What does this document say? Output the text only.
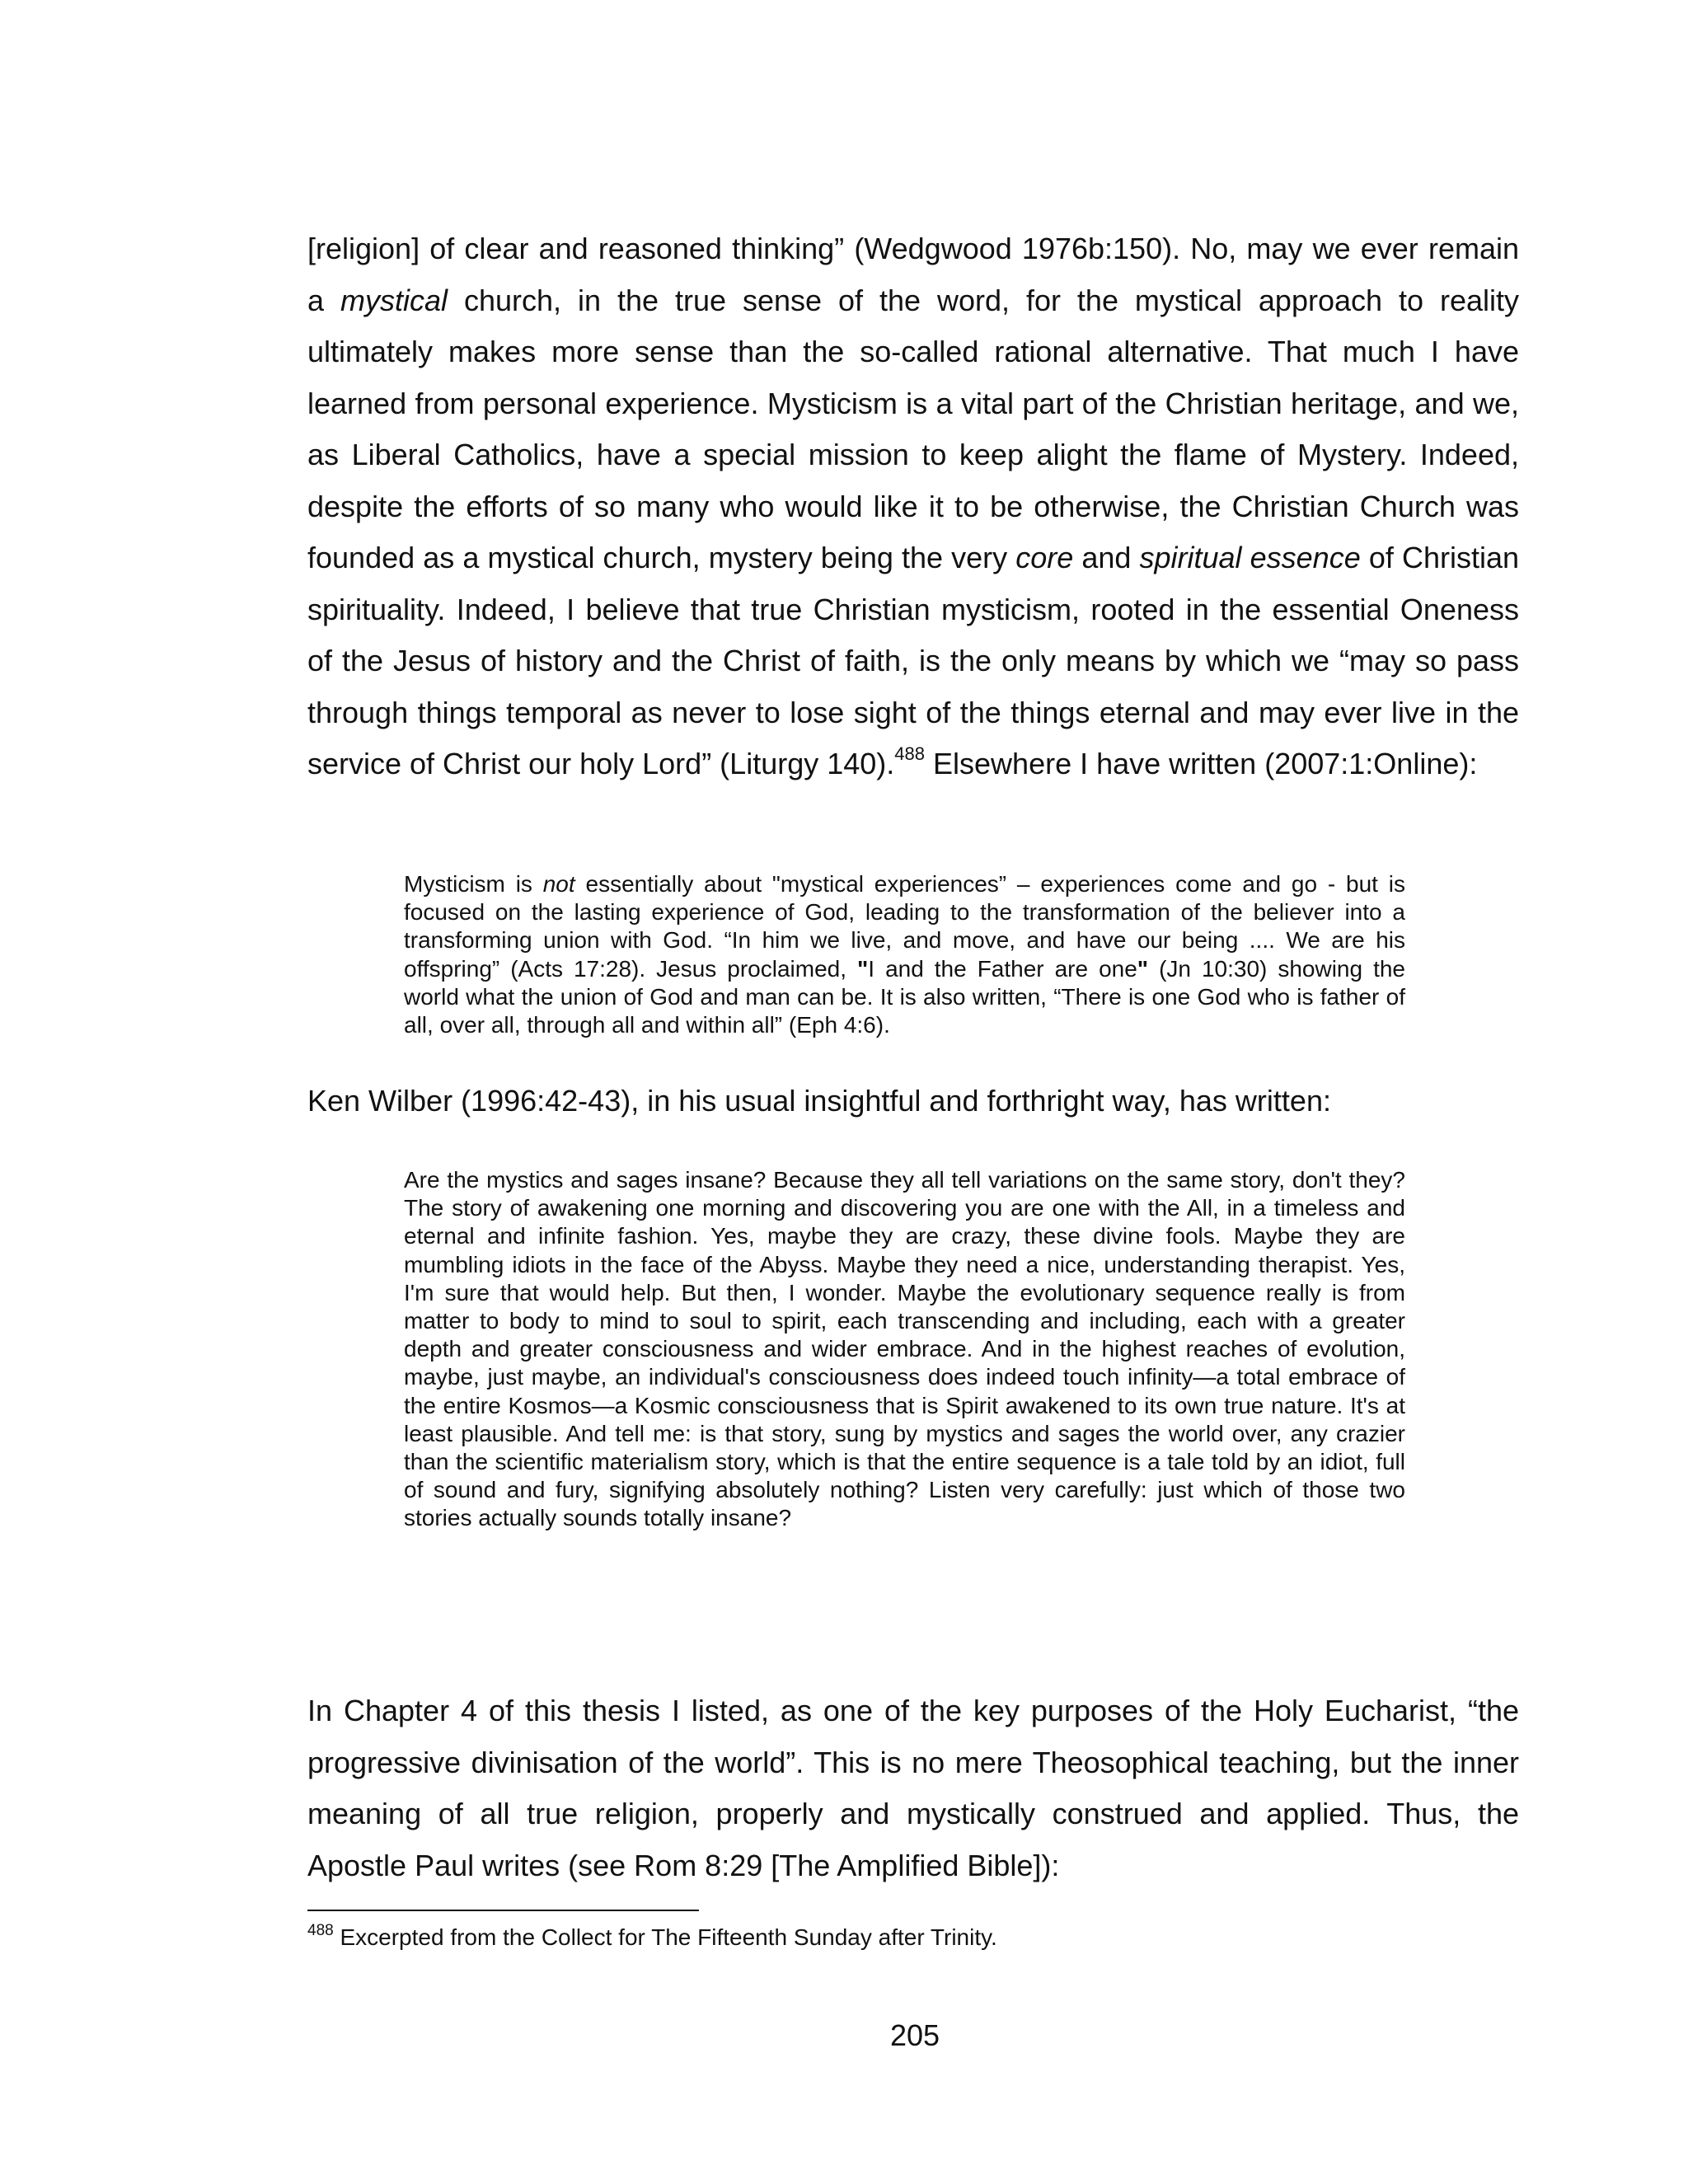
[religion] of clear and reasoned thinking” (Wedgwood 1976b:150). No, may we ever remain a mystical church, in the true sense of the word, for the mystical approach to reality ultimately makes more sense than the so-called rational alternative. That much I have learned from personal experience. Mysticism is a vital part of the Christian heritage, and we, as Liberal Catholics, have a special mission to keep alight the flame of Mystery. Indeed, despite the efforts of so many who would like it to be otherwise, the Christian Church was founded as a mystical church, mystery being the very core and spiritual essence of Christian spirituality. Indeed, I believe that true Christian mysticism, rooted in the essential Oneness of the Jesus of history and the Christ of faith, is the only means by which we “may so pass through things temporal as never to lose sight of the things eternal and may ever live in the service of Christ our holy Lord” (Liturgy 140).$^{488}$ Elsewhere I have written (2007:1:Online):

Mysticism is not essentially about "mystical experiences” – experiences come and go - but is focused on the lasting experience of God, leading to the transformation of the believer into a transforming union with God. “In him we live, and move, and have our being .... We are his offspring” (Acts 17:28). Jesus proclaimed, "I and the Father are one" (Jn 10:30) showing the world what the union of God and man can be. It is also written, “There is one God who is father of all, over all, through all and within all” (Eph 4:6).

Ken Wilber (1996:42-43), in his usual insightful and forthright way, has written:

Are the mystics and sages insane? Because they all tell variations on the same story, don't they? The story of awakening one morning and discovering you are one with the All, in a timeless and eternal and infinite fashion. Yes, maybe they are crazy, these divine fools. Maybe they are mumbling idiots in the face of the Abyss. Maybe they need a nice, understanding therapist. Yes, I'm sure that would help. But then, I wonder. Maybe the evolutionary sequence really is from matter to body to mind to soul to spirit, each transcending and including, each with a greater depth and greater consciousness and wider embrace. And in the highest reaches of evolution, maybe, just maybe, an individual's consciousness does indeed touch infinity—a total embrace of the entire Kosmos—a Kosmic consciousness that is Spirit awakened to its own true nature. It's at least plausible. And tell me: is that story, sung by mystics and sages the world over, any crazier than the scientific materialism story, which is that the entire sequence is a tale told by an idiot, full of sound and fury, signifying absolutely nothing? Listen very carefully: just which of those two stories actually sounds totally insane?

In Chapter 4 of this thesis I listed, as one of the key purposes of the Holy Eucharist, “the progressive divinisation of the world”. This is no mere Theosophical teaching, but the inner meaning of all true religion, properly and mystically construed and applied. Thus, the Apostle Paul writes (see Rom 8:29 [The Amplified Bible]):

$^{488}$ Excerpted from the Collect for The Fifteenth Sunday after Trinity.

205
